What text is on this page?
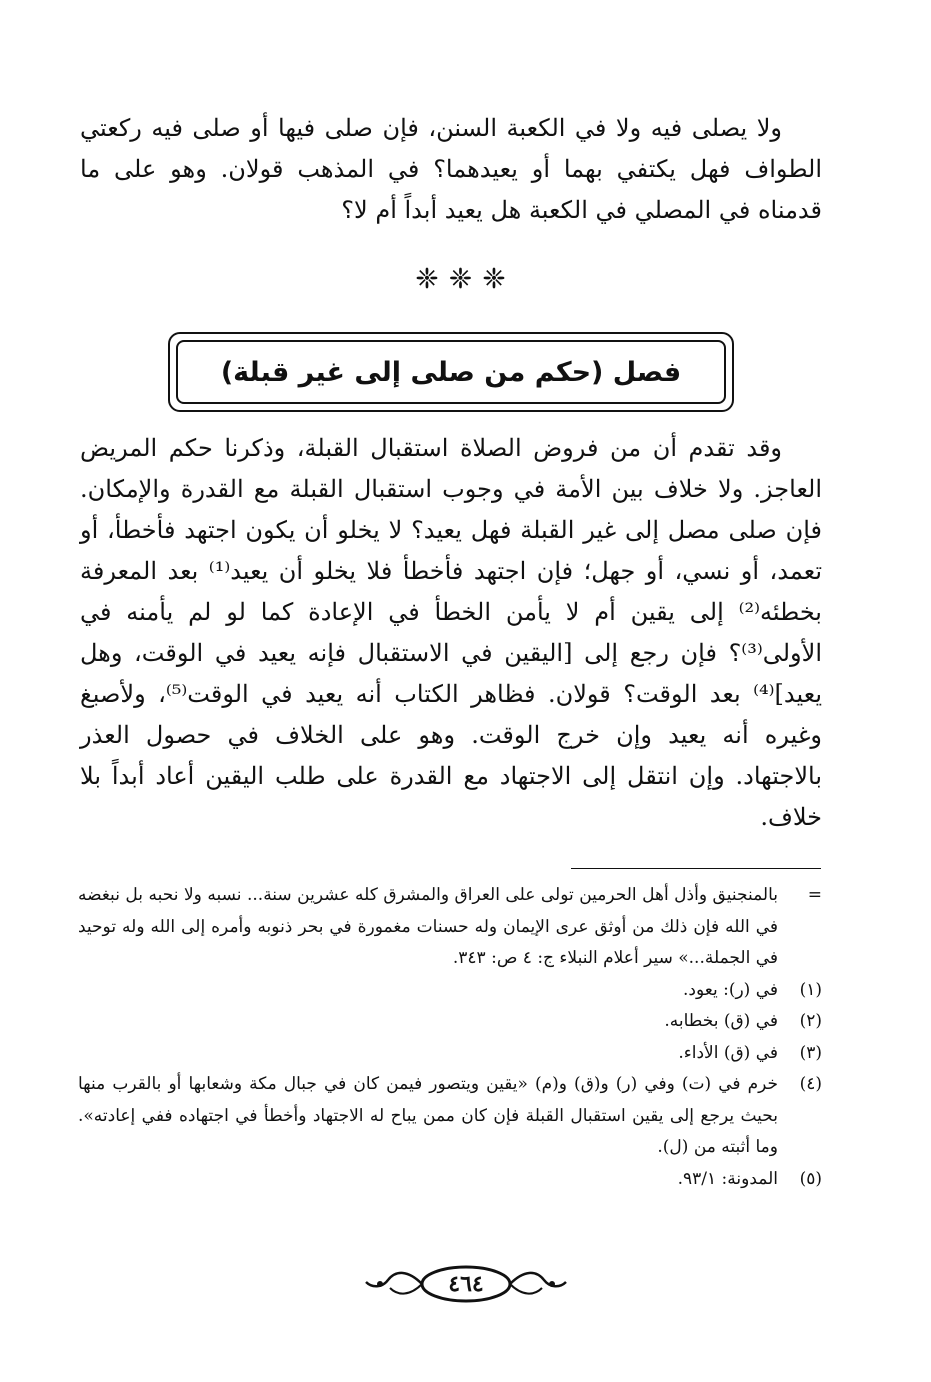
ولا يصلى فيه ولا في الكعبة السنن، فإن صلى فيها أو صلى فيه ركعتي الطواف فهل يكتفي بهما أو يعيدهما؟ في المذهب قولان. وهو على ما قدمناه في المصلي في الكعبة هل يعيد أبداً أم لا؟

❈❈❈
فصل (حكم من صلى إلى غير قبلة)

وقد تقدم أن من فروض الصلاة استقبال القبلة، وذكرنا حكم المريض العاجز. ولا خلاف بين الأمة في وجوب استقبال القبلة مع القدرة والإمكان. فإن صلى مصل إلى غير القبلة فهل يعيد؟ لا يخلو أن يكون اجتهد فأخطأ، أو تعمد، أو نسي، أو جهل؛ فإن اجتهد فأخطأ فلا يخلو أن يعيد⁽¹⁾ بعد المعرفة بخطئه⁽²⁾ إلى يقين أم لا يأمن الخطأ في الإعادة كما لو لم يأمنه في الأولى⁽³⁾؟ فإن رجع إلى [اليقين في الاستقبال فإنه يعيد في الوقت، وهل يعيد]⁽⁴⁾ بعد الوقت؟ قولان. فظاهر الكتاب أنه يعيد في الوقت⁽⁵⁾، ولأصبغ وغيره أنه يعيد وإن خرج الوقت. وهو على الخلاف في حصول العذر بالاجتهاد. وإن انتقل إلى الاجتهاد مع القدرة على طلب اليقين أعاد أبداً بلا خلاف.

=
بالمنجنيق وأذل أهل الحرمين تولى على العراق والمشرق كله عشرين سنة... نسبه ولا نحبه بل نبغضه في الله فإن ذلك من أوثق عرى الإيمان وله حسنات مغمورة في بحر ذنوبه وأمره إلى الله وله توحيد في الجملة...» سير أعلام النبلاء ج: ٤ ص: ٣٤٣.
(١)
في (ر): يعود.
(٢)
في (ق) بخطابه.
(٣)
في (ق) الأداء.
(٤)
خرم في (ت) وفي (ر) و(ق) و(م) «يقين ويتصور فيمن كان في جبال مكة وشعابها أو بالقرب منها بحيث يرجع إلى يقين استقبال القبلة فإن كان ممن يباح له الاجتهاد وأخطأ في اجتهاده ففي إعادته». وما أثبته من (ل).
(٥)
المدونة: ٩٣/١.
٤٦٤
